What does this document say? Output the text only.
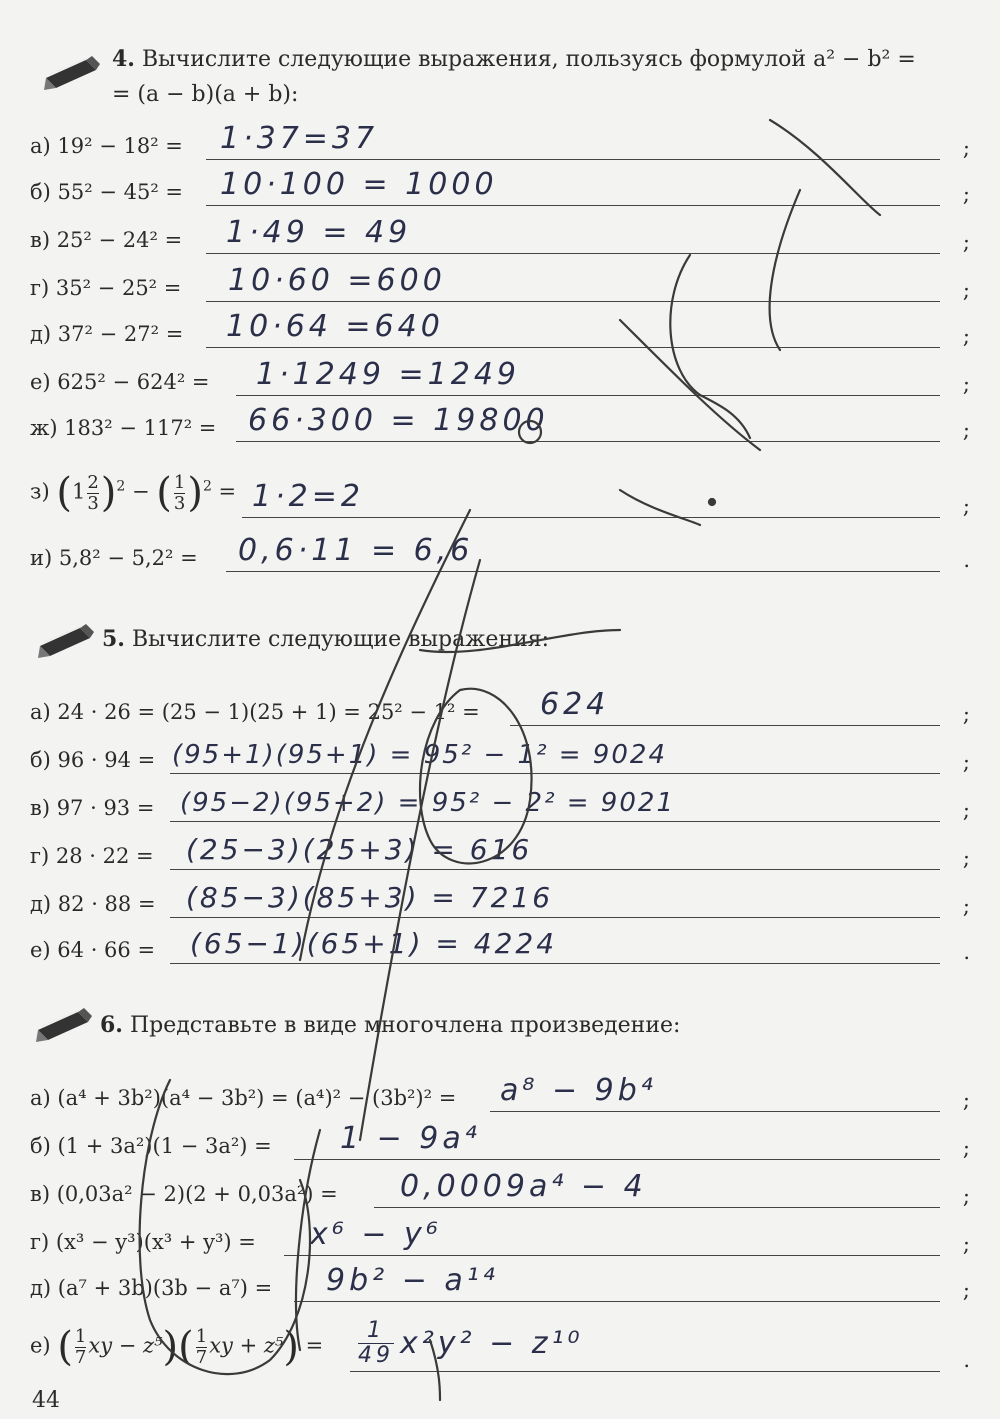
4. Вычислите следующие выражения, пользуясь формулой a² − b² =
= (a − b)(a + b):
а) 19² − 18² = 1·37=37	;
б) 55² − 45² = 10·100 = 1000	;
в) 25² − 24² = 1·49 = 49	;
г) 35² − 25² = 10·60 =600	;
д) 37² − 27² = 10·64 =640	;
е) 625² − 624² = 1·1249 =1249	;
ж) 183² − 117² = 66·300 = 19800	;
з) $(1 \frac{2}{3} )^2$ − ( $\frac{1}{3} )^2 = 1\cdot 2=2$	;
и) 5,8² − 5,2² = 0,6·11 = 6,6	.
5. Вычислите следующие выражения:
а) 24 · 26 = (25 − 1)(25 + 1) = 25² − 1² = 624	;
б) 96 · 94 = (95+1)(95+1) = 95² − 1² = 9024	;
в) 97 · 93 = (95−2)(95+2) = 95² − 2² = 9021	;
г) 28 · 22 = (25−3)(25+3) = 616	;
д) 82 · 88 = (85−3)(85+3) = 7216	;
е) 64 · 66 = (65−1)(65+1) = 4224	.
6. Представьте в виде многочлена произведение:
а) (a⁴ + 3b²)(a⁴ − 3b²) = (a⁴)² − (3b²)² = a⁸ − 9b⁴	;
б) (1 + 3a²)(1 − 3a²) = 1 − 9a⁴	;
в) (0,03a² − 2)(2 + 0,03a²) = 0,0009a⁴ − 4	;
г) (x³ − y³)(x³ + y³) = x⁶ − y⁶	;
д) (a⁷ + 3b)(3b − a⁷) = 9b² − a¹⁴	;
е) ( $\frac{1}{7}$ xy − $z^5)( \frac{1}{7}$ xy + $z^5) = \frac{1}{49} x^2y^2 - z^{10}$	.
44
